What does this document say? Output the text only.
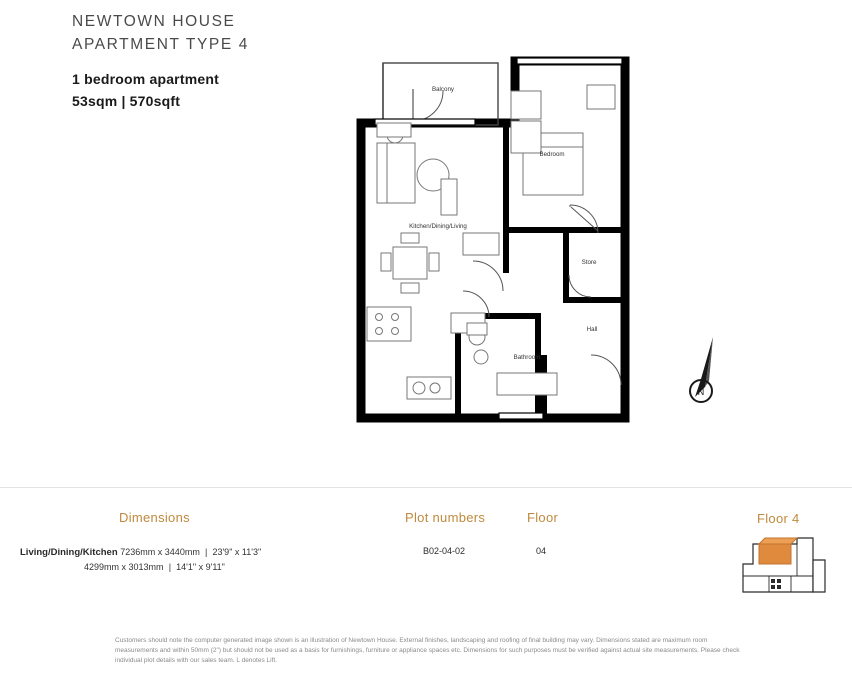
NEWTOWN HOUSE
APARTMENT TYPE 4
1 bedroom apartment
53sqm | 570sqft
Balcony
Bedroom
Kitchen/Dining/Living
Store
Hall
Bathroom
N
Dimensions	Plot numbers	Floor	Floor 4
Living/Dining/Kitchen 7236mm x 3440mm  |  23'9" x 11'3"
4299mm x 3013mm  |  14'1" x 9'11"
B02-04-02	04
Customers should note the computer generated image shown is an illustration of Newtown House. External finishes, landscaping and roofing of final building may vary. Dimensions stated are maximum room measurements and within 50mm (2") but should not be used as a basis for furnishings, furniture or appliance spaces etc. Dimensions for such purposes must be verified against actual site measurements. Please check individual plot details with our sales team. L denotes Lift.
